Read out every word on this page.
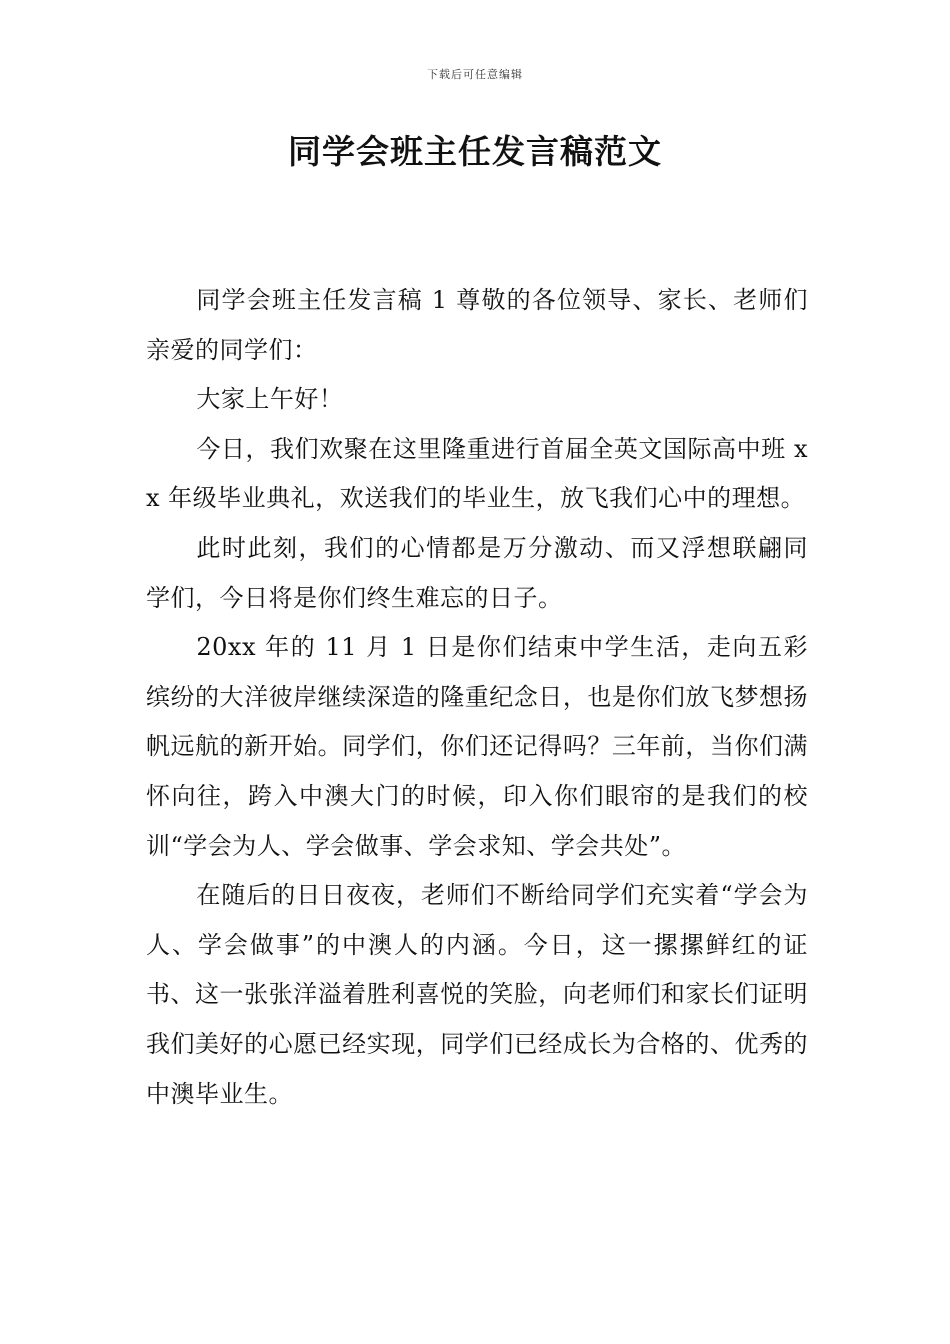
下载后可任意编辑
同学会班主任发言稿范文

同学会班主任发言稿 1 尊敬的各位领导、家长、老师们亲爱的同学们：

大家上午好！

今日，我们欢聚在这里隆重进行首届全英文国际高中班 xx 年级毕业典礼，欢送我们的毕业生，放飞我们心中的理想。

此时此刻，我们的心情都是万分激动、而又浮想联翩同学们，今日将是你们终生难忘的日子。

20xx 年的 11 月 1 日是你们结束中学生活，走向五彩缤纷的大洋彼岸继续深造的隆重纪念日，也是你们放飞梦想扬帆远航的新开始。同学们，你们还记得吗？三年前，当你们满怀向往，跨入中澳大门的时候，印入你们眼帘的是我们的校训“学会为人、学会做事、学会求知、学会共处”。

在随后的日日夜夜，老师们不断给同学们充实着“学会为人、学会做事”的中澳人的内涵。今日，这一摞摞鲜红的证书、这一张张洋溢着胜利喜悦的笑脸，向老师们和家长们证明我们美好的心愿已经实现，同学们已经成长为合格的、优秀的中澳毕业生。
